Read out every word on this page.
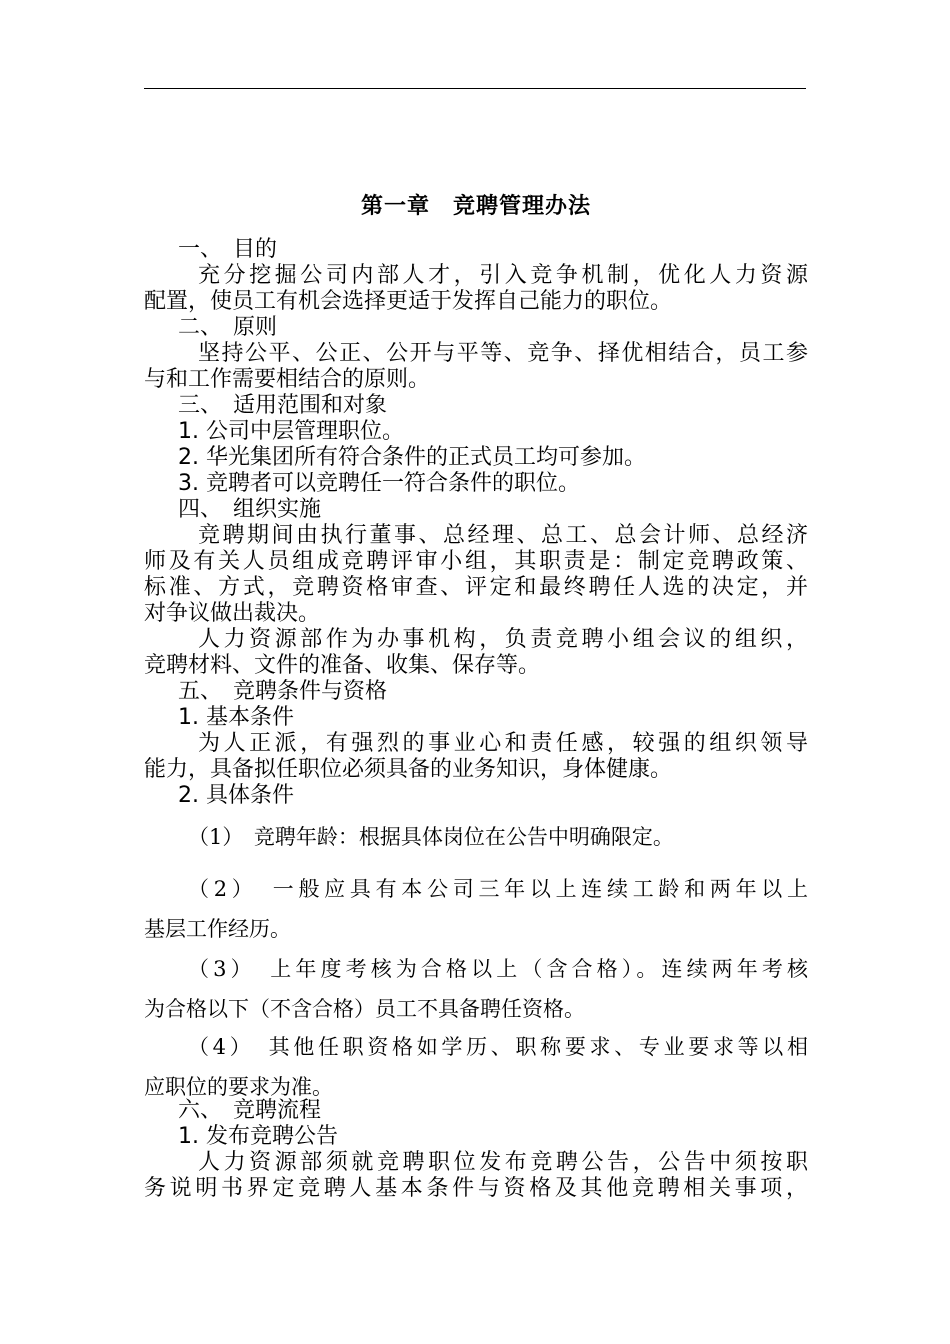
第一章　竞聘管理办法
一、　目的
充分挖掘公司内部人才，引入竞争机制，优化人力资源
配置，使员工有机会选择更适于发挥自己能力的职位。
二、　原则
坚持公平、公正、公开与平等、竞争、择优相结合，员工参
与和工作需要相结合的原则。
三、　适用范围和对象
1. 公司中层管理职位。
2. 华光集团所有符合条件的正式员工均可参加。
3. 竞聘者可以竞聘任一符合条件的职位。
四、　组织实施
竞聘期间由执行董事、总经理、总工、总会计师、总经济
师及有关人员组成竞聘评审小组，其职责是：制定竞聘政策、
标准、方式，竞聘资格审查、评定和最终聘任人选的决定，并
对争议做出裁决。
人力资源部作为办事机构，负责竞聘小组会议的组织，
竞聘材料、文件的准备、收集、保存等。
五、　竞聘条件与资格
1. 基本条件
为人正派，有强烈的事业心和责任感，较强的组织领导
能力，具备拟任职位必须具备的业务知识，身体健康。
2. 具体条件
（1）　 竞聘年龄：根据具体岗位在公告中明确限定。
（2）　 一般应具有本公司三年以上连续工龄和两年以上
基层工作经历。
（3）　 上年度考核为合格以上（含合格）。连续两年考核
为合格以下（不含合格）员工不具备聘任资格。
（4）　 其他任职资格如学历、职称要求、专业要求等以相
应职位的要求为准。
六、　竞聘流程
1. 发布竞聘公告
人力资源部须就竞聘职位发布竞聘公告，公告中须按职
务说明书界定竞聘人基本条件与资格及其他竞聘相关事项，
